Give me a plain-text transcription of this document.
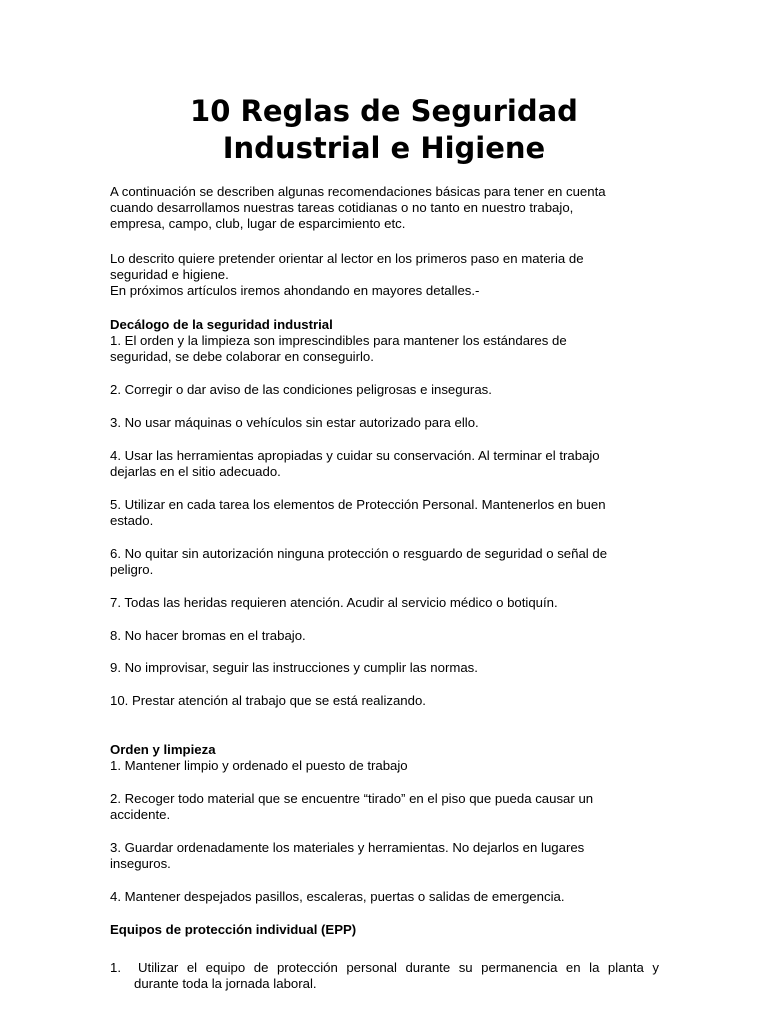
10 Reglas de Seguridad
Industrial e Higiene

A continuación se describen algunas recomendaciones básicas para tener en cuenta
cuando desarrollamos nuestras tareas cotidianas o no tanto en nuestro trabajo,
empresa, campo, club, lugar de esparcimiento etc.

Lo descrito quiere pretender orientar al lector en los primeros paso en materia de
seguridad e higiene.
En próximos artículos iremos ahondando en mayores detalles.-

Decálogo de la seguridad industrial

1. El orden y la limpieza son imprescindibles para mantener los estándares de
seguridad, se debe colaborar en conseguirlo.

2. Corregir o dar aviso de las condiciones peligrosas e inseguras.

3. No usar máquinas o vehículos sin estar autorizado para ello.

4. Usar las herramientas apropiadas y cuidar su conservación. Al terminar el trabajo
dejarlas en el sitio adecuado.

5. Utilizar en cada tarea los elementos de Protección Personal. Mantenerlos en buen
estado.

6. No quitar sin autorización ninguna protección o resguardo de seguridad o señal de
peligro.

7. Todas las heridas requieren atención. Acudir al servicio médico o botiquín.

8. No hacer bromas en el trabajo.

9. No improvisar, seguir las instrucciones y cumplir las normas.

10. Prestar atención al trabajo que se está realizando.

Orden y limpieza

1. Mantener limpio y ordenado el puesto de trabajo

2. Recoger todo material que se encuentre “tirado” en el piso que pueda causar un
accidente.

3. Guardar ordenadamente los materiales y herramientas. No dejarlos en lugares
inseguros.

4. Mantener despejados pasillos, escaleras, puertas o salidas de emergencia.

Equipos de protección individual (EPP)

1. Utilizar el equipo de protección personal durante su permanencia en la planta y
durante toda la jornada laboral.
